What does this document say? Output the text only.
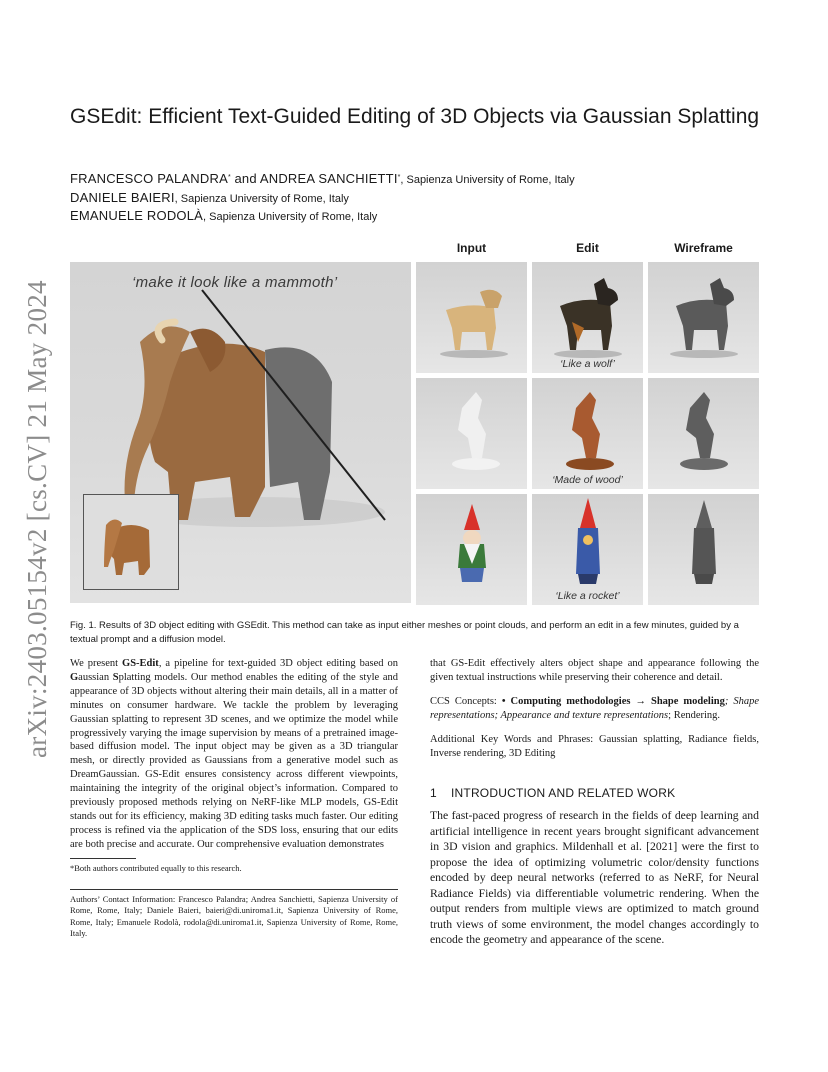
arXiv:2403.05154v2 [cs.CV] 21 May 2024
GSEdit: Efficient Text-Guided Editing of 3D Objects via Gaussian Splatting
FRANCESCO PALANDRA* and ANDREA SANCHIETTI*, Sapienza University of Rome, Italy
DANIELE BAIERI, Sapienza University of Rome, Italy
EMANUELE RODOLÀ, Sapienza University of Rome, Italy
Input	Edit	Wireframe
‘make it look like a mammoth’
‘Like a wolf’
‘Made of wood’
‘Like a rocket’
Fig. 1. Results of 3D object editing with GSEdit. This method can take as input either meshes or point clouds, and perform an edit in a few minutes, guided by a textual prompt and a diffusion model.
We present GS-Edit, a pipeline for text-guided 3D object editing based on Gaussian Splatting models. Our method enables the editing of the style and appearance of 3D objects without altering their main details, all in a matter of minutes on consumer hardware. We tackle the problem by leveraging Gaussian splatting to represent 3D scenes, and we optimize the model while progressively varying the image supervision by means of a pretrained image-based diffusion model. The input object may be given as a 3D triangular mesh, or directly provided as Gaussians from a generative model such as DreamGaussian. GS-Edit ensures consistency across different viewpoints, maintaining the integrity of the original object’s information. Compared to previously proposed methods relying on NeRF-like MLP models, GS-Edit stands out for its efficiency, making 3D editing tasks much faster. Our editing process is refined via the application of the SDS loss, ensuring that our edits are both precise and accurate. Our comprehensive evaluation demonstrates
*Both authors contributed equally to this research.
Authors’ Contact Information: Francesco Palandra; Andrea Sanchietti, Sapienza University of Rome, Rome, Italy; Daniele Baieri, baieri@di.uniroma1.it, Sapienza University of Rome, Rome, Italy; Emanuele Rodolà, rodola@di.uniroma1.it, Sapienza University of Rome, Rome, Italy.

that GS-Edit effectively alters object shape and appearance following the given textual instructions while preserving their coherence and detail.

CCS Concepts: • Computing methodologies → Shape modeling; Shape representations; Appearance and texture representations; Rendering.

Additional Key Words and Phrases: Gaussian splatting, Radiance fields, Inverse rendering, 3D Editing

1 INTRODUCTION AND RELATED WORK
The fast-paced progress of research in the fields of deep learning and artificial intelligence in recent years brought significant advancement in 3D vision and graphics. Mildenhall et al. [2021] were the first to propose the idea of optimizing volumetric color/density functions encoded by deep neural networks (referred to as NeRF, for Neural Radiance Fields) via differentiable volumetric rendering. When the output renders from multiple views are optimized to match ground truth views of some environment, the model changes accordingly to encode the geometry and appearance of the scene.
